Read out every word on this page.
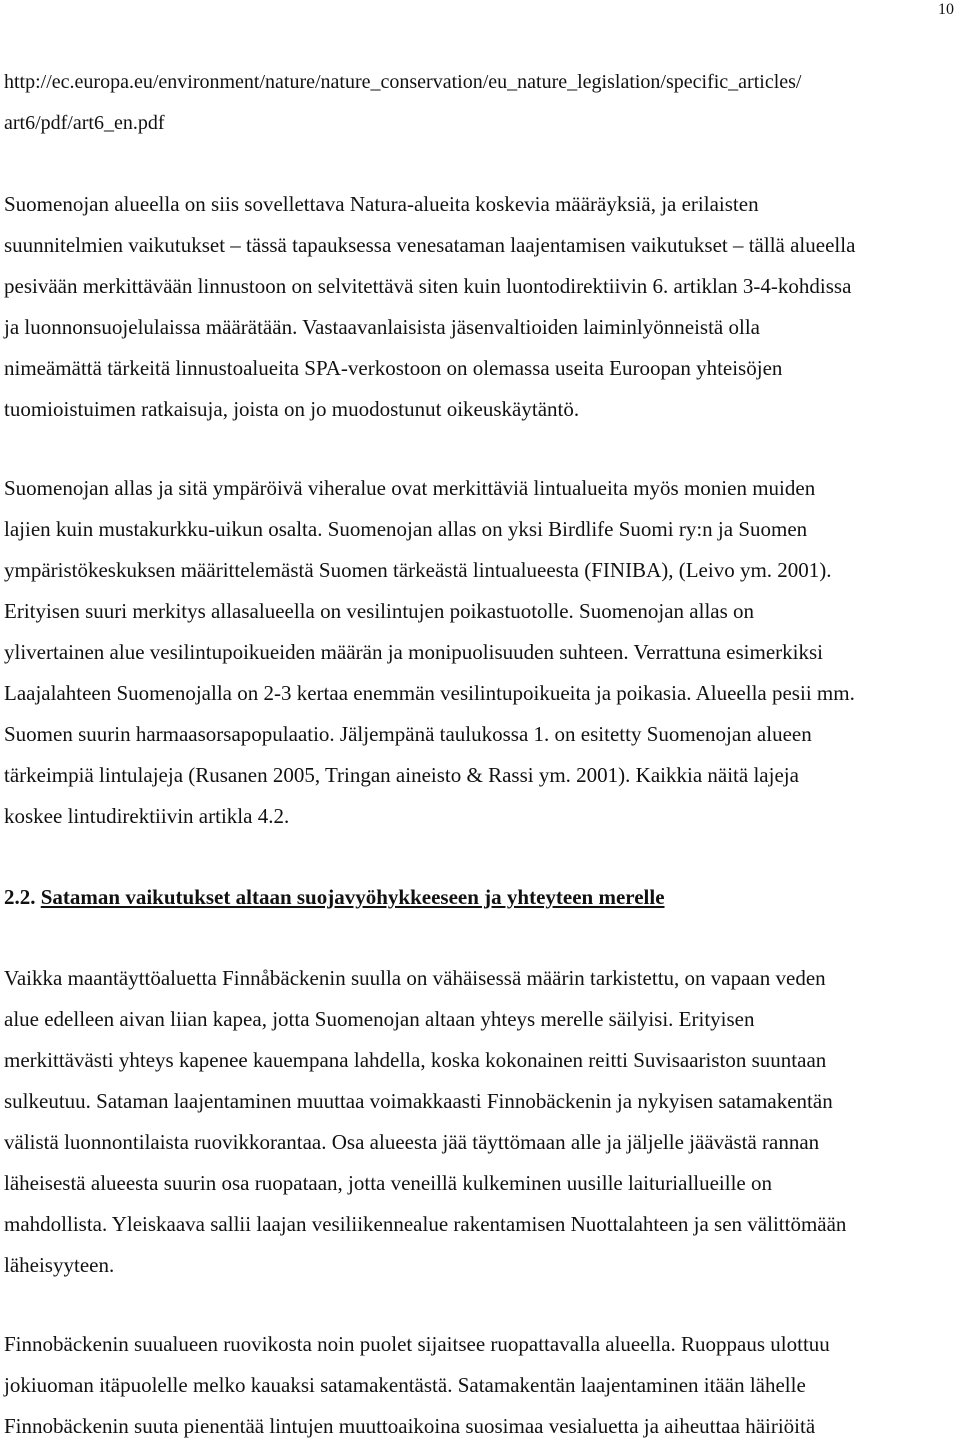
10
http://ec.europa.eu/environment/nature/nature_conservation/eu_nature_legislation/specific_articles/
art6/pdf/art6_en.pdf
Suomenojan alueella on siis sovellettava Natura-alueita koskevia määräyksiä, ja erilaisten
suunnitelmien vaikutukset – tässä tapauksessa venesataman laajentamisen vaikutukset – tällä alueella
pesivään merkittävään linnustoon on selvitettävä siten kuin luontodirektiivin 6. artiklan 3-4-kohdissa
ja luonnonsuojelulaissa määrätään. Vastaavanlaisista jäsenvaltioiden laiminlyönneistä olla
nimeämättä tärkeitä linnustoalueita SPA-verkostoon on olemassa useita Euroopan yhteisöjen
tuomioistuimen ratkaisuja, joista on jo muodostunut oikeuskäytäntö.
Suomenojan allas ja sitä ympäröivä viheralue ovat merkittäviä lintualueita myös monien muiden
lajien kuin mustakurkku-uikun osalta. Suomenojan allas on yksi Birdlife Suomi ry:n ja Suomen
ympäristökeskuksen määrittelemästä Suomen tärkeästä lintualueesta (FINIBA), (Leivo ym. 2001).
Erityisen suuri merkitys allasalueella on vesilintujen poikastuotolle. Suomenojan allas on
ylivertainen alue vesilintupoikueiden määrän ja monipuolisuuden suhteen. Verrattuna esimerkiksi
Laajalahteen Suomenojalla on 2-3 kertaa enemmän vesilintupoikueita ja poikasia. Alueella pesii mm.
Suomen suurin harmaasorsapopulaatio. Jäljempänä taulukossa 1. on esitetty Suomenojan alueen
tärkeimpiä lintulajeja (Rusanen 2005, Tringan aineisto & Rassi ym. 2001). Kaikkia näitä lajeja
koskee lintudirektiivin artikla 4.2.
2.2. Sataman vaikutukset altaan suojavyöhykkeeseen ja yhteyteen merelle
Vaikka maantäyttöaluetta Finnåbäckenin suulla on vähäisessä määrin tarkistettu, on vapaan veden
alue edelleen aivan liian kapea, jotta Suomenojan altaan yhteys merelle säilyisi. Erityisen
merkittävästi yhteys kapenee kauempana lahdella, koska kokonainen reitti Suvisaariston suuntaan
sulkeutuu. Sataman laajentaminen muuttaa voimakkaasti Finnobäckenin ja nykyisen satamakentän
välistä luonnontilaista ruovikkorantaa. Osa alueesta jää täyttömaan alle ja jäljelle jäävästä rannan
läheisestä alueesta suurin osa ruopataan, jotta veneillä kulkeminen uusille laituriallueille on
mahdollista. Yleiskaava sallii laajan vesiliikennealue rakentamisen Nuottalahteen ja sen välittömään
läheisyyteen.
Finnobäckenin suualueen ruovikosta noin puolet sijaitsee ruopattavalla alueella. Ruoppaus ulottuu
jokiuoman itäpuolelle melko kauaksi satamakentästä. Satamakentän laajentaminen itään lähelle
Finnobäckenin suuta pienentää lintujen muuttoaikoina suosimaa vesialuetta ja aiheuttaa häiriöitä
